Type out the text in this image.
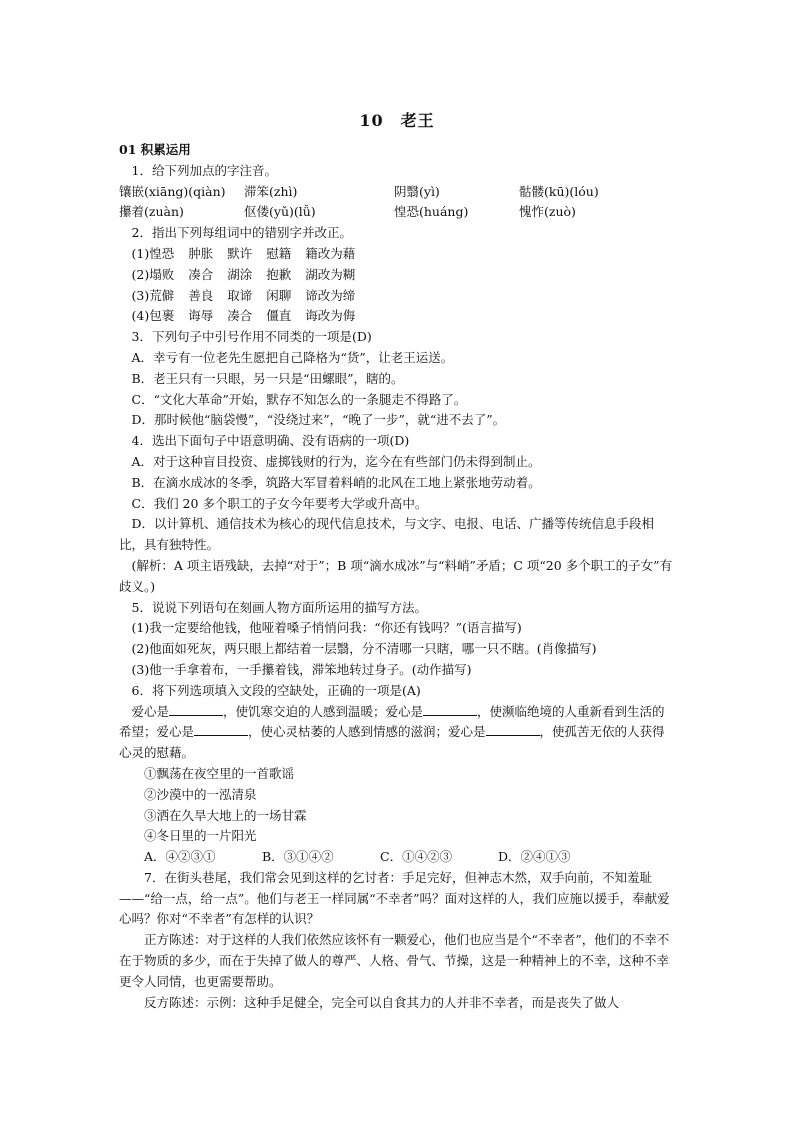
10　老王

01 积累运用

1．给下列加点的字注音。

镶嵌(xiāng)(qiàn)	滞笨(zhì)	阴翳(yì)	骷髅(kū)(lóu)
攥着(zuàn)	伛偻(yǔ)(lǚ)	惶恐(huáng)	愧怍(zuò)

2．指出下列每组词中的错别字并改正。

(1)惶恐 肿胀 默许 慰籍 籍改为藉
(2)塌败 凑合 湖涂 抱歉 湖改为糊
(3)荒僻 善良 取谛 闲聊 谛改为缔
(4)包裹 诲辱 凑合 僵直 诲改为侮

3．下列句子中引号作用不同类的一项是(D)

A．幸亏有一位老先生愿把自己降格为“货”，让老王运送。

B．老王只有一只眼，另一只是“田螺眼”，瞎的。

C．“文化大革命”开始，默存不知怎么的一条腿走不得路了。

D．那时候他“脑袋慢”，“没绕过来”，“晚了一步”，就“进不去了”。

4．选出下面句子中语意明确、没有语病的一项(D)

A．对于这种盲目投资、虚掷钱财的行为，迄今在有些部门仍未得到制止。

B．在滴水成冰的冬季，筑路大军冒着料峭的北风在工地上紧张地劳动着。

C．我们 20 多个职工的子女今年要考大学或升高中。

D．以计算机、通信技术为核心的现代信息技术，与文字、电报、电话、广播等传统信息手段相比，具有独特性。

(解析：A 项主语残缺，去掉“对于”；B 项“滴水成冰”与“料峭”矛盾；C 项“20 多个职工的子女”有歧义。)

5．说说下列语句在刻画人物方面所运用的描写方法。

(1)我一定要给他钱，他哑着嗓子悄悄问我：“你还有钱吗？”(语言描写)

(2)他面如死灰，两只眼上都结着一层翳，分不清哪一只瞎，哪一只不瞎。(肖像描写)

(3)他一手拿着布，一手攥着钱，滞笨地转过身子。(动作描写)

6．将下列选项填入文段的空缺处，正确的一项是(A)

爱心是	，使饥寒交迫的人感到温暖；爱心是	，使濒临绝境的人重新看到生活的希望；爱心是	，使心灵枯萎的人感到情感的滋润；爱心是	，使孤苦无依的人获得心灵的慰藉。

①飘荡在夜空里的一首歌谣

②沙漠中的一泓清泉

③洒在久旱大地上的一场甘霖

④冬日里的一片阳光

A．④②③①	B．③①④②	C．①④②③	D．②④①③

7．在街头巷尾，我们常会见到这样的乞讨者：手足完好，但神志木然，双手向前，不知羞耻——“给一点，给一点”。他们与老王一样同属“不幸者”吗？面对这样的人，我们应施以援手，奉献爱心吗？你对“不幸者”有怎样的认识？

正方陈述：对于这样的人我们依然应该怀有一颗爱心，他们也应当是个“不幸者”，他们的不幸不在于物质的多少，而在于失掉了做人的尊严、人格、骨气、节操，这是一种精神上的不幸，这种不幸更令人同情，也更需要帮助。

反方陈述：示例：这种手足健全，完全可以自食其力的人并非不幸者，而是丧失了做人
